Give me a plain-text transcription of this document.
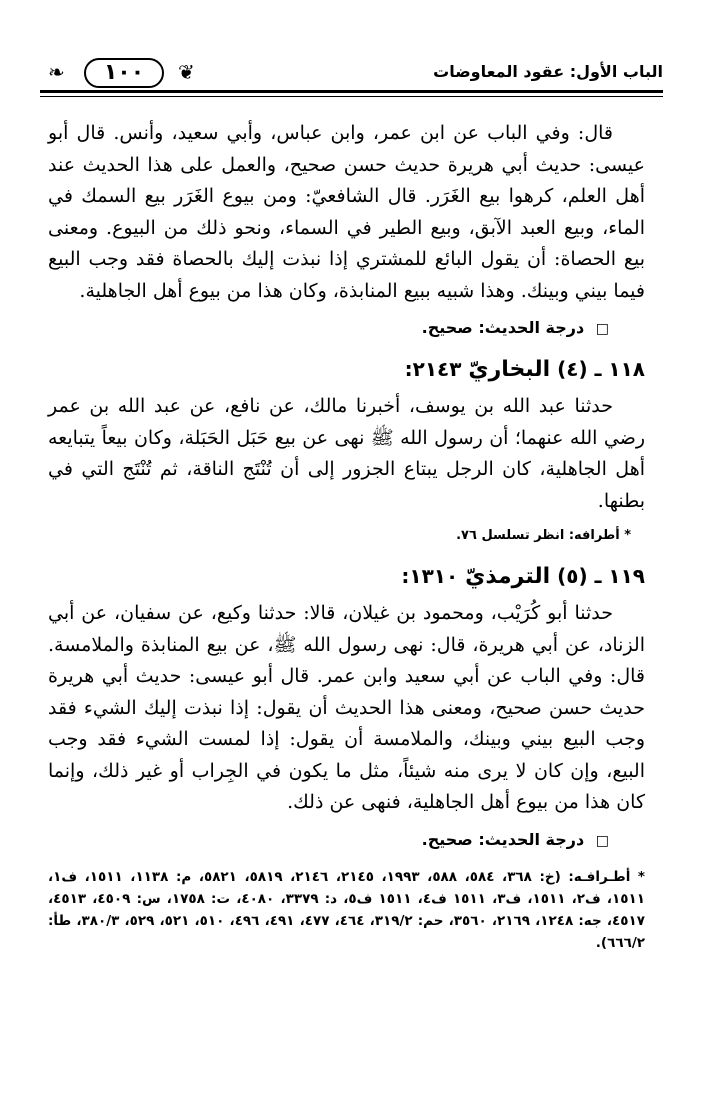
الباب الأول: عقود المعاوضات
❦
١٠٠
❧

قال: وفي الباب عن ابن عمر، وابن عباس، وأبي سعيد، وأنس. قال أبو عيسى: حديث أبي هريرة حديث حسن صحيح، والعمل على هذا الحديث عند أهل العلم، كرهوا بيع الغَرَر. قال الشافعيّ: ومن بيوع الغَرَر بيع السمك في الماء، وبيع العبد الآبق، وبيع الطير في السماء، ونحو ذلك من البيوع. ومعنى بيع الحصاة: أن يقول البائع للمشتري إذا نبذت إليك بالحصاة فقد وجب البيع فيما بيني وبينك. وهذا شبيه ببيع المنابذة، وكان هذا من بيوع أهل الجاهلية.

□ درجة الحديث: صحيح.
١١٨ ـ (٤) البخاريّ ٢١٤٣:

حدثنا عبد الله بن يوسف، أخبرنا مالك، عن نافع، عن عبد الله بن عمر رضي الله عنهما؛ أن رسول الله ﷺ نهى عن بيع حَبَل الحَبَلة، وكان بيعاً يتبايعه أهل الجاهلية، كان الرجل يبتاع الجزور إلى أن تُنْتَج الناقة، ثم تُنْتَج التي في بطنها.

* أطرافه: انظر تسلسل ٧٦.
١١٩ ـ (٥) الترمذيّ ١٣١٠:

حدثنا أبو كُرَيْب، ومحمود بن غيلان، قالا: حدثنا وكيع، عن سفيان، عن أبي الزناد، عن أبي هريرة، قال: نهى رسول الله ﷺ، عن بيع المنابذة والملامسة. قال: وفي الباب عن أبي سعيد وابن عمر. قال أبو عيسى: حديث أبي هريرة حديث حسن صحيح، ومعنى هذا الحديث أن يقول: إذا نبذت إليك الشيء فقد وجب البيع بيني وبينك، والملامسة أن يقول: إذا لمست الشيء فقد وجب البيع، وإن كان لا يرى منه شيئاً، مثل ما يكون في الجِراب أو غير ذلك، وإنما كان هذا من بيوع أهل الجاهلية، فنهى عن ذلك.

□ درجة الحديث: صحيح.
* أطـرافـه: (خ: ٣٦٨، ٥٨٤، ٥٨٨، ١٩٩٣، ٢١٤٥، ٢١٤٦، ٥٨١٩، ٥٨٢١، م: ١١٣٨، ١٥١١، ف١، ١٥١١، ف٢، ١٥١١، ف٣، ١٥١١ ف٤، ١٥١١ ف٥، د: ٣٣٧٩، ٤٠٨٠، ت: ١٧٥٨، س: ٤٥٠٩، ٤٥١٣، ٤٥١٧، جه: ١٢٤٨، ٢١٦٩، ٣٥٦٠، حم: ٣١٩/٢، ٤٦٤، ٤٧٧، ٤٩١، ٤٩٦، ٥١٠، ٥٢١، ٥٢٩، ٣٨٠/٣، طأ: ٦٦٦/٢).
